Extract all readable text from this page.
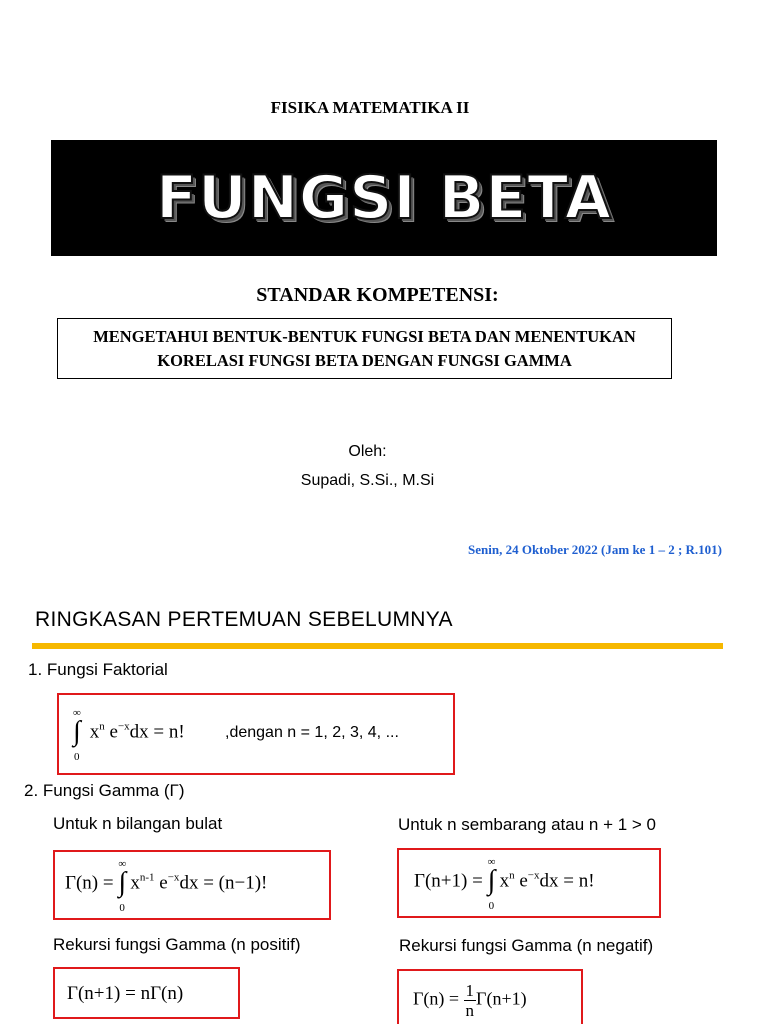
FISIKA MATEMATIKA II
FUNGSI BETA
STANDAR KOMPETENSI:
MENGETAHUI BENTUK-BENTUK FUNGSI BETA DAN MENENTUKAN
KORELASI FUNGSI BETA DENGAN FUNGSI GAMMA
Oleh:
Supadi, S.Si., M.Si
Senin, 24 Oktober 2022 (Jam ke 1 – 2 ; R.101)
RINGKASAN PERTEMUAN SEBELUMNYA
1. Fungsi Faktorial
∞
∫
0
$x^n$ $e^{-x}dx = n$!	,dengan n = 1, 2, 3, 4, ...
2. Fungsi Gamma (Γ)
Untuk n bilangan bulat	Untuk n sembarang atau n + 1 > 0
Γ(n) =
∞
∫
0
$x^{n-1}$ $e^{-x}dx = (n-1)$!	Γ(n+1) =
∞
∫
0
$x^n$ $e^{-x}dx = n$!
Rekursi fungsi Gamma (n positif)	Rekursi fungsi Gamma (n negatif)
Γ(n+1) = nΓ(n)	$\Gamma(n) = \frac{1}{n} \Gamma(n+1)$
